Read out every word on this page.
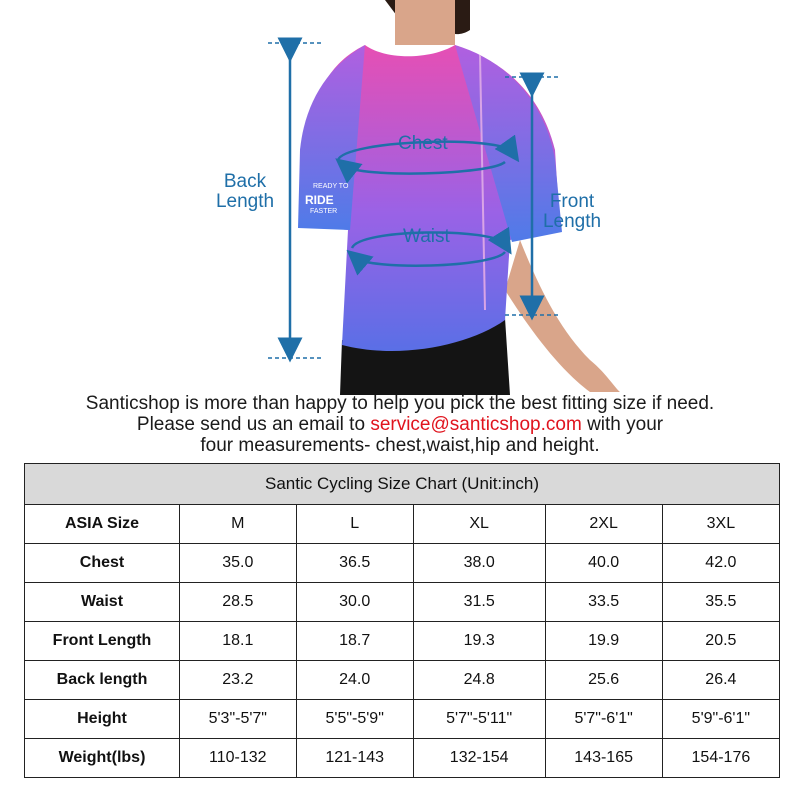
READY TO
RIDE
FASTER
Back
Length	Front
Length
Chest
Waist
Santicshop is more than happy to help you pick the best fitting size if need.
Please send us an email to service@santicshop.com with your
four measurements- chest,waist,hip and height.
Santic Cycling Size Chart (Unit:inch)					
ASIA Size	M	L	XL	2XL	3XL
Chest	35.0	36.5	38.0	40.0	42.0
Waist	28.5	30.0	31.5	33.5	35.5
Front Length	18.1	18.7	19.3	19.9	20.5
Back length	23.2	24.0	24.8	25.6	26.4
Height	5'3"-5'7"	5'5"-5'9"	5'7"-5'11"	5'7"-6'1"	5'9"-6'1"
Weight(lbs)	110-132	121-143	132-154	143-165	154-176
